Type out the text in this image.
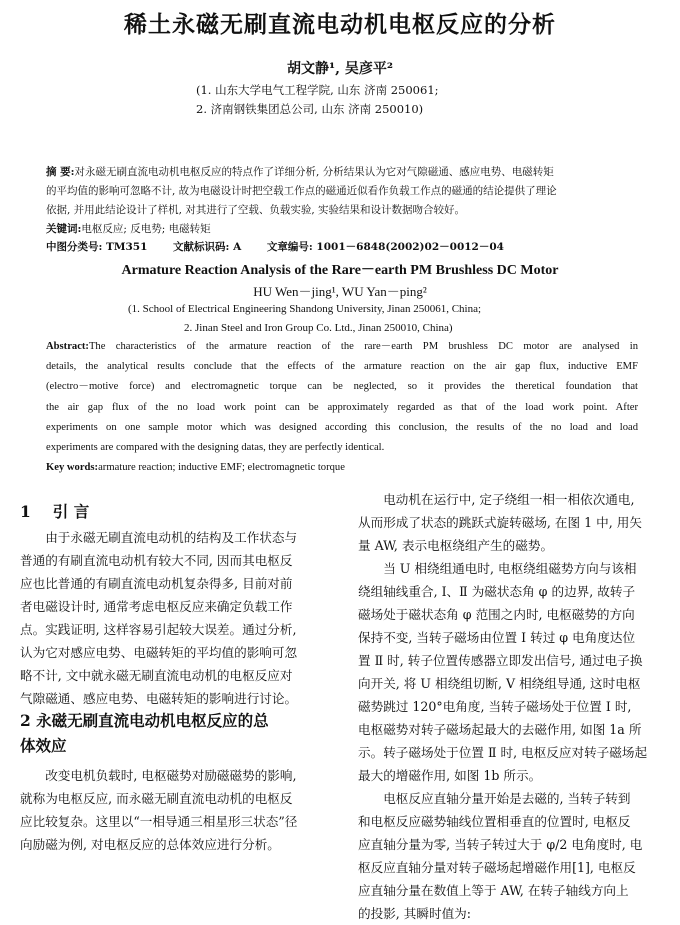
稀土永磁无刷直流电动机电枢反应的分析
胡文静¹, 吴彦平²
(1. 山东大学电气工程学院, 山东 济南 250061;
2. 济南钢铁集团总公司, 山东 济南 250010)
摘 要:对永磁无刷直流电动机电枢反应的特点作了详细分析, 分析结果认为它对气隙磁通、感应电势、电磁转矩
的平均值的影响可忽略不计, 故为电磁设计时把空载工作点的磁通近似看作负载工作点的磁通的结论提供了理论
依据, 并用此结论设计了样机, 对其进行了空载、负载实验, 实验结果和设计数据吻合较好。
关键词:电枢反应; 反电势; 电磁转矩
中图分类号: TM351 文献标识码: A 文章编号: 1001－6848(2002)02－0012－04
Armature Reaction Analysis of the Rare－earth PM Brushless DC Motor
HU Wen－jing¹, WU Yan－ping²
(1. School of Electrical Engineering Shandong University, Jinan 250061, China;
2. Jinan Steel and Iron Group Co. Ltd., Jinan 250010, China)
Abstract:The characteristics of the armature reaction of the rare－earth PM brushless DC motor are analysed in
details, the analytical results conclude that the effects of the armature reaction on the air gap flux, inductive EMF
(electro－motive force) and electromagnetic torque can be neglected, so it provides the theretical foundation that
the air gap flux of the no load work point can be approximately regarded as that of the load work point. After
experiments on one sample motor which was designed according this conclusion, the results of the no load and load
experiments are compared with the designing datas, they are perfectly identical.
Key words:armature reaction; inductive EMF; electromagnetic torque
1 引 言
　　由于永磁无刷直流电动机的结构及工作状态与
普通的有刷直流电动机有较大不同, 因而其电枢反
应也比普通的有刷直流电动机复杂得多, 目前对前
者电磁设计时, 通常考虑电枢反应来确定负载工作
点。实践证明, 这样容易引起较大误差。通过分析,
认为它对感应电势、电磁转矩的平均值的影响可忽
略不计, 文中就永磁无刷直流电动机的电枢反应对
气隙磁通、感应电势、电磁转矩的影响进行讨论。
2 永磁无刷直流电动机电枢反应的总
体效应
　　改变电机负载时, 电枢磁势对励磁磁势的影响,
就称为电枢反应, 而永磁无刷直流电动机的电枢反
应比较复杂。这里以“一相导通三相星形三状态”径
向励磁为例, 对电枢反应的总体效应进行分析。
　　电动机在运行中, 定子绕组一相一相依次通电,
从而形成了状态的跳跃式旋转磁场, 在图 1 中, 用矢
量 AW, 表示电枢绕组产生的磁势。
　　当 U 相绕组通电时, 电枢绕组磁势方向与该相
绕组轴线重合, Ⅰ、Ⅱ 为磁状态角 φ 的边界, 故转子
磁场处于磁状态角 φ 范围之内时, 电枢磁势的方向
保持不变, 当转子磁场由位置 Ⅰ 转过 φ 电角度达位
置 Ⅱ 时, 转子位置传感器立即发出信号, 通过电子换
向开关, 将 U 相绕组切断, V 相绕组导通, 这时电枢
磁势跳过 120°电角度, 当转子磁场处于位置 Ⅰ 时,
电枢磁势对转子磁场起最大的去磁作用, 如图 1a 所
示。转子磁场处于位置 Ⅱ 时, 电枢反应对转子磁场起
最大的增磁作用, 如图 1b 所示。
　　电枢反应直轴分量开始是去磁的, 当转子转到
和电枢反应磁势轴线位置相垂直的位置时, 电枢反
应直轴分量为零, 当转子转过大于 φ/2 电角度时, 电
枢反应直轴分量对转子磁场起增磁作用[1], 电枢反
应直轴分量在数值上等于 AW, 在转子轴线方向上
的投影, 其瞬时值为:
